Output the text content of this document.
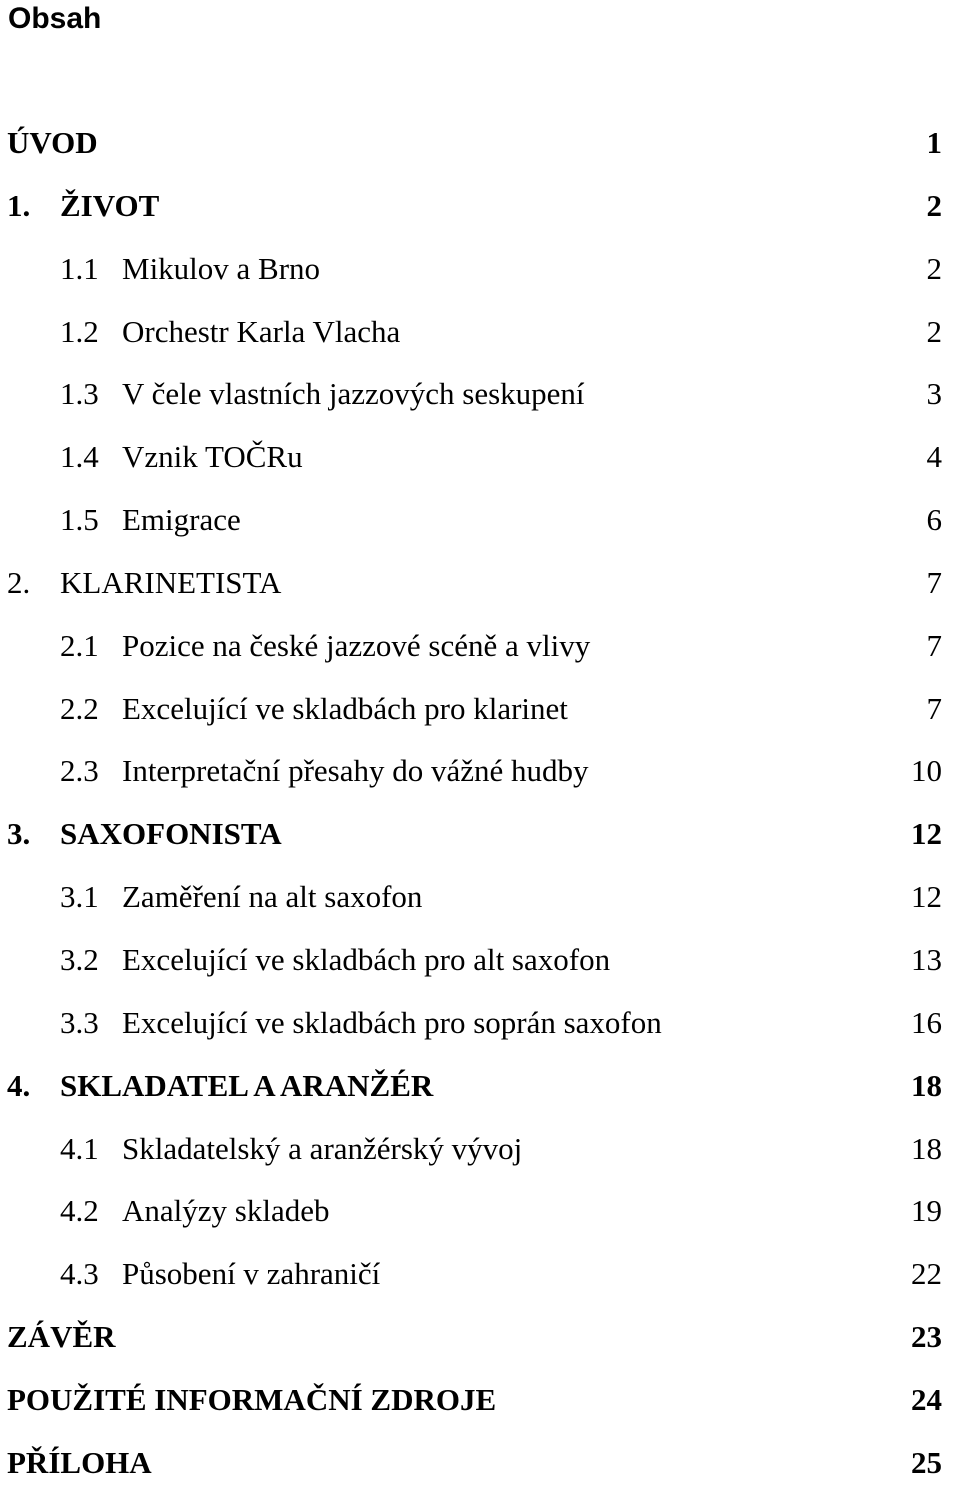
Obsah
ÚVOD	1
1. ŽIVOT	2
1.1 Mikulov a Brno	2
1.2 Orchestr Karla Vlacha	2
1.3 V čele vlastních jazzových seskupení	3
1.4 Vznik TOČRu	4
1.5 Emigrace	6
2. KLARINETISTA	7
2.1 Pozice na české jazzové scéně a vlivy	7
2.2 Excelující ve skladbách pro klarinet	7
2.3 Interpretační přesahy do vážné hudby	10
3. SAXOFONISTA	12
3.1 Zaměření na alt saxofon	12
3.2 Excelující ve skladbách pro alt saxofon	13
3.3 Excelující ve skladbách pro soprán saxofon	16
4. SKLADATEL A ARANŽÉR	18
4.1 Skladatelský a aranžérský vývoj	18
4.2 Analýzy skladeb	19
4.3 Působení v zahraničí	22
ZÁVĚR	23
POUŽITÉ INFORMAČNÍ ZDROJE	24
PŘÍLOHA	25
